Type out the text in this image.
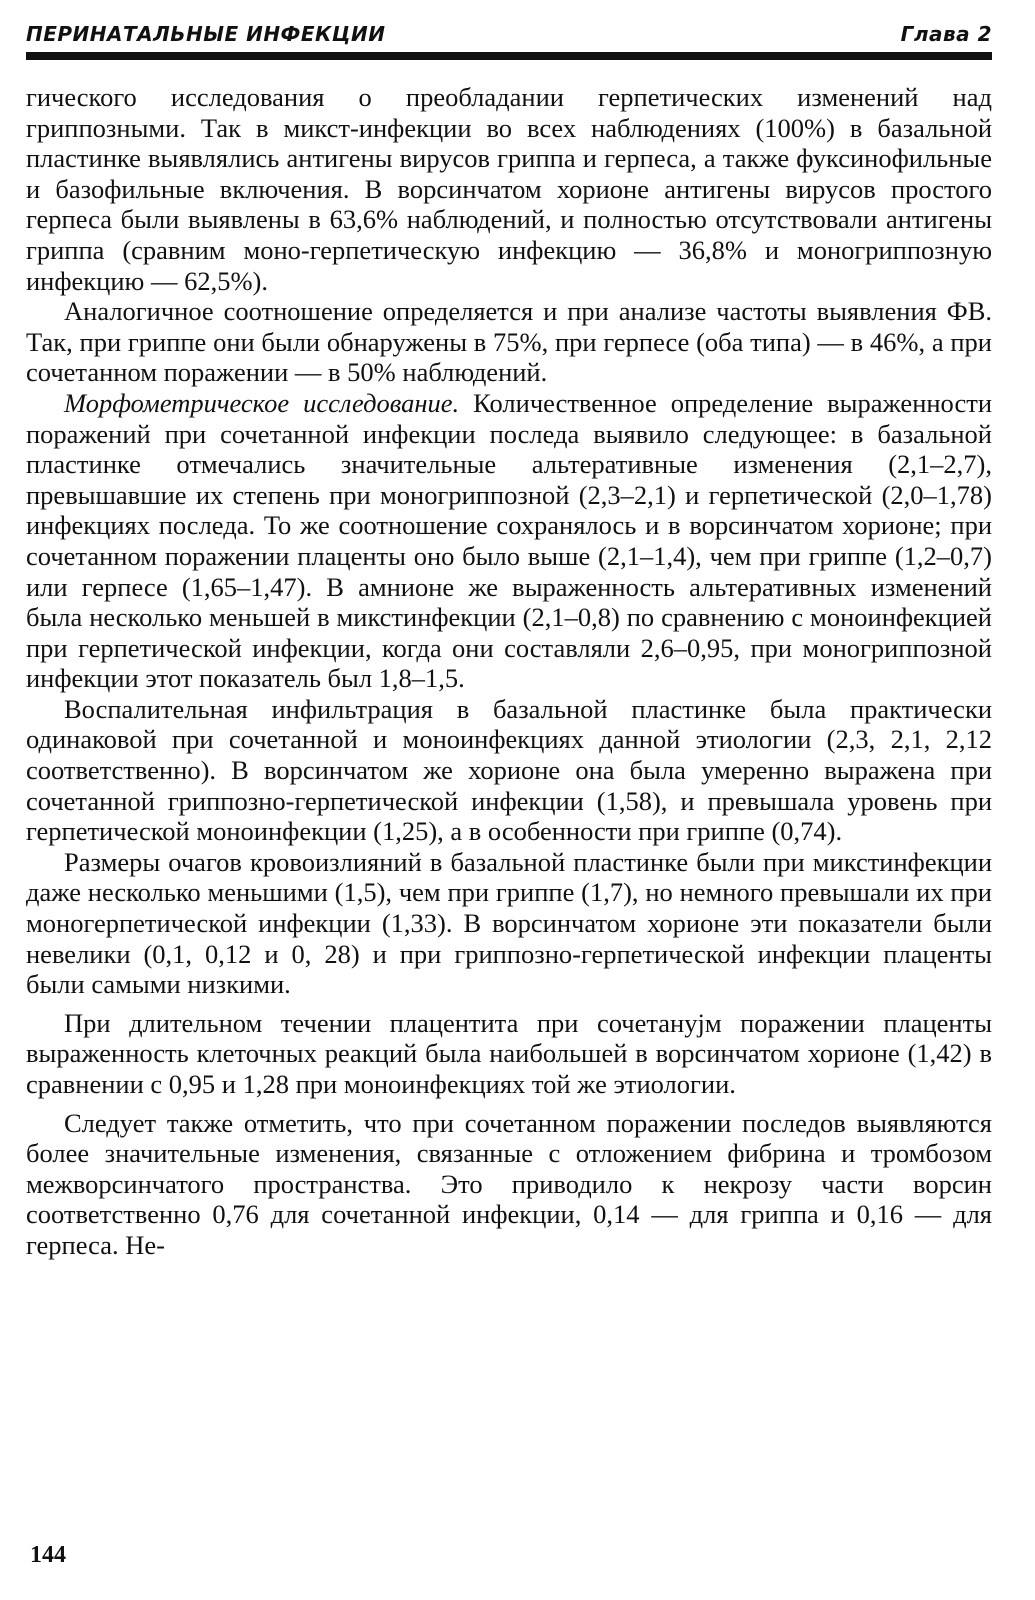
ПЕРИНАТАЛЬНЫЕ ИНФЕКЦИИ	Глава 2

гического исследования о преобладании герпетических изменений над гриппозными. Так в микст-инфекции во всех наблюдениях (100%) в базальной пластинке выявлялись антигены вирусов гриппа и герпеса, а также фуксинофильные и базофильные включения. В ворсинчатом хорионе антигены вирусов простого герпеса были выявлены в 63,6% наблюдений, и полностью отсутствовали антигены гриппа (сравним моно-герпетическую инфекцию — 36,8% и моногриппозную инфекцию — 62,5%).

Аналогичное соотношение определяется и при анализе частоты выявления ФВ. Так, при гриппе они были обнаружены в 75%, при герпесе (оба типа) — в 46%, а при сочетанном поражении — в 50% наблюдений.

Морфометрическое исследование. Количественное определение выраженности поражений при сочетанной инфекции последа выявило следующее: в базальной пластинке отмечались значительные альтеративные изменения (2,1–2,7), превышавшие их степень при моногриппозной (2,3–2,1) и герпетической (2,0–1,78) инфекциях последа. То же соотношение сохранялось и в ворсинчатом хорионе; при сочетанном поражении плаценты оно было выше (2,1–1,4), чем при гриппе (1,2–0,7) или герпесе (1,65–1,47). В амнионе же выраженность альтеративных изменений была несколько меньшей в микстинфекции (2,1–0,8) по сравнению с моноинфекцией при герпетической инфекции, когда они составляли 2,6–0,95, при моногриппозной инфекции этот показатель был 1,8–1,5.

Воспалительная инфильтрация в базальной пластинке была практически одинаковой при сочетанной и моноинфекциях данной этиологии (2,3, 2,1, 2,12 соответственно). В ворсинчатом же хорионе она была умеренно выражена при сочетанной гриппозно-герпетической инфекции (1,58), и превышала уровень при герпетической моноинфекции (1,25), а в особенности при гриппе (0,74).

Размеры очагов кровоизлияний в базальной пластинке были при микстинфекции даже несколько меньшими (1,5), чем при гриппе (1,7), но немного превышали их при моногерпетической инфекции (1,33). В ворсинчатом хорионе эти показатели были невелики (0,1, 0,12 и 0, 28) и при гриппозно-герпетической инфекции плаценты были самыми низкими.

При длительном течении плацентита при сочетануjм поражении плаценты выраженность клеточных реакций была наибольшей в ворсинчатом хорионе (1,42) в сравнении с 0,95 и 1,28 при моноинфекциях той же этиологии.

Следует также отметить, что при сочетанном поражении последов выявляются более значительные изменения, связанные с отложением фибрина и тромбозом межворсинчатого пространства. Это приводило к некрозу части ворсин соответственно 0,76 для сочетанной инфекции, 0,14 — для гриппа и 0,16 — для герпеса. Не-

144
